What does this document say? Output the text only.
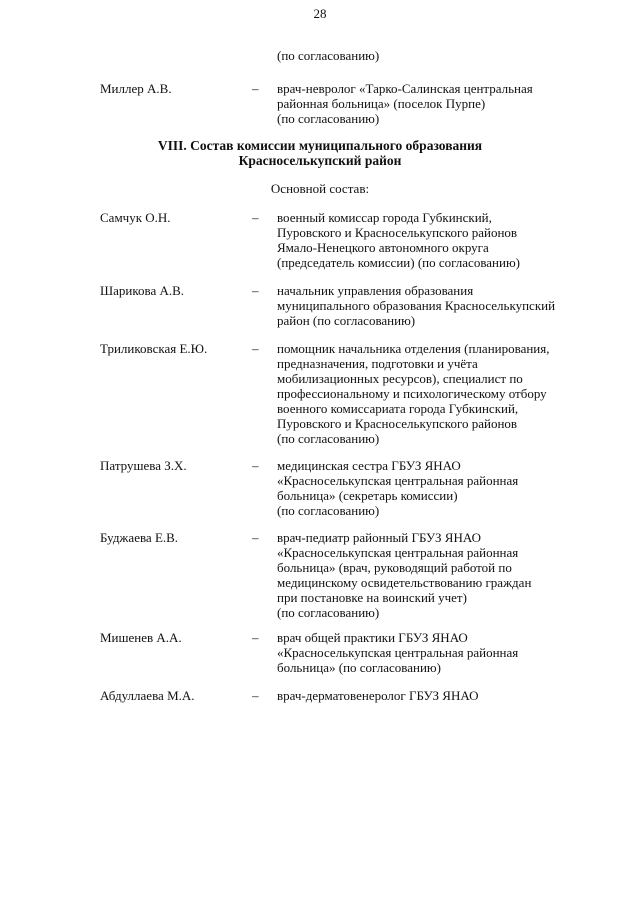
28
(по согласованию)
Миллер А.В.	– врач-невролог «Тарко-Салинская центральная
районная больница» (поселок Пурпе)
(по согласованию)
VIII. Состав комиссии муниципального образования
Красноселькупский район
Основной состав:
Самчук О.Н.	– военный комиссар города Губкинский,
Пуровского и Красноселькупского районов
Ямало-Ненецкого автономного округа
(председатель комиссии) (по согласованию)
Шарикова А.В.	– начальник управления образования
муниципального образования Красноселькупский
район (по согласованию)
Триликовская Е.Ю.	– помощник начальника отделения (планирования,
предназначения, подготовки и учёта
мобилизационных ресурсов), специалист по
профессиональному и психологическому отбору
военного комиссариата города Губкинский,
Пуровского и Красноселькупского районов
(по согласованию)
Патрушева З.Х.	– медицинская сестра ГБУЗ ЯНАО
«Красноселькупская центральная районная
больница» (секретарь комиссии)
(по согласованию)
Буджаева Е.В.	– врач-педиатр районный ГБУЗ ЯНАО
«Красноселькупская центральная районная
больница» (врач, руководящий работой по
медицинскому освидетельствованию граждан
при постановке на воинский учет)
(по согласованию)
Мишенев А.А.	– врач общей практики ГБУЗ ЯНАО
«Красноселькупская центральная районная
больница» (по согласованию)
Абдуллаева М.А.	– врач-дерматовенеролог ГБУЗ ЯНАО
